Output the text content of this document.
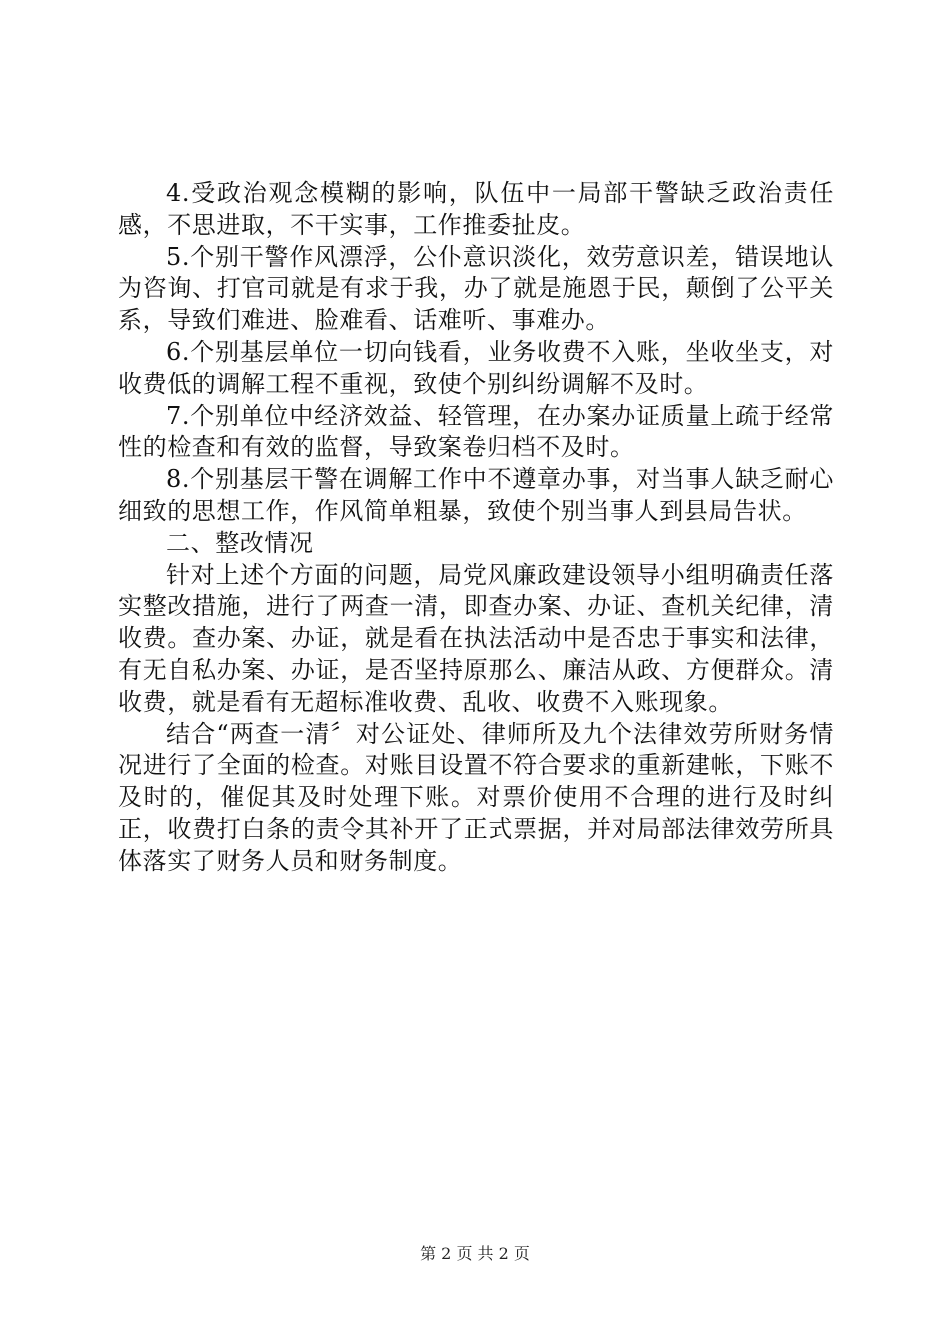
4.受政治观念模糊的影响，队伍中一局部干警缺乏政治责任感，不思进取，不干实事，工作推委扯皮。

5.个别干警作风漂浮，公仆意识淡化，效劳意识差，错误地认为咨询、打官司就是有求于我，办了就是施恩于民，颠倒了公平关系，导致们难进、脸难看、话难听、事难办。

6.个别基层单位一切向钱看，业务收费不入账，坐收坐支，对收费低的调解工程不重视，致使个别纠纷调解不及时。

7.个别单位中经济效益、轻管理，在办案办证质量上疏于经常性的检查和有效的监督，导致案卷归档不及时。

8.个别基层干警在调解工作中不遵章办事，对当事人缺乏耐心细致的思想工作，作风简单粗暴，致使个别当事人到县局告状。

二、整改情况

针对上述个方面的问题，局党风廉政建设领导小组明确责任落实整改措施，进行了两查一清，即查办案、办证、查机关纪律，清收费。查办案、办证，就是看在执法活动中是否忠于事实和法律，有无自私办案、办证，是否坚持原那么、廉洁从政、方便群众。清收费，就是看有无超标准收费、乱收、收费不入账现象。

结合“两查一清〞对公证处、律师所及九个法律效劳所财务情况进行了全面的检查。对账目设置不符合要求的重新建帐，下账不及时的，催促其及时处理下账。对票价使用不合理的进行及时纠正，收费打白条的责令其补开了正式票据，并对局部法律效劳所具体落实了财务人员和财务制度。

第 2 页 共 2 页
